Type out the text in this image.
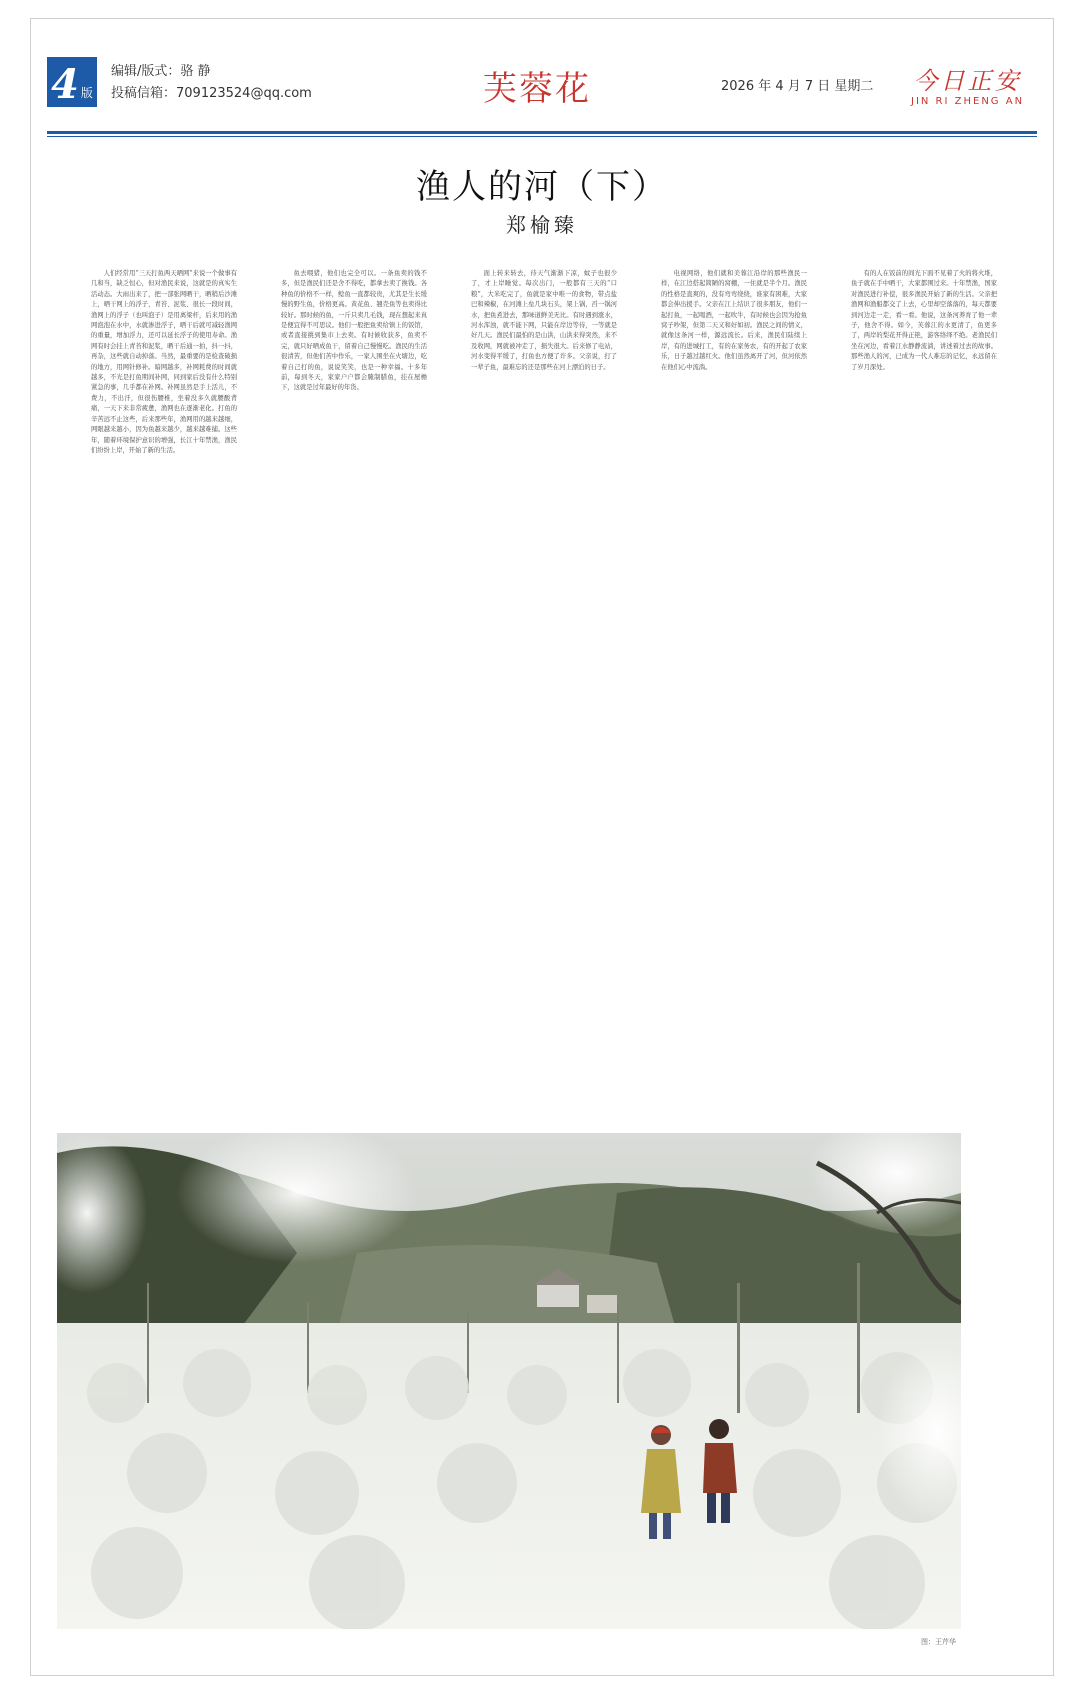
4 版
编辑/版式：骆 静
投稿信箱：709123524@qq.com	芙蓉花	2026 年 4 月 7 日 星期二 今日正安
JIN RI ZHENG AN
渔人的河（下）
郑榆臻

人们经常用“三天打鱼两天晒网”来说一个做事有几和当，缺乏恒心，但对渔民来说，这就是的真实生活动态。大雨出来了，把一部张网晒干，晒稍后沙滩上，晒干网上的浮子，青苔、泥浆、很长一段时间，渔网上的浮子（也叫泡子）是用离梁杆，后来用的渔网泡泡在水中，水就渗进浮子，晒干后就可减轻渔网的重量，增加浮力，还可以延长浮子的使用寿命。渔网有时会挂上青苔和泥浆，晒干后通一拍，抖一抖，再杂，这些就自动掉落。当然，最重要的是检查破损的地方，用网针修补。暗网越多，补网耗费的时间就越多，不光是打鱼期间补网，同到家后没有什么特别紧急的事，几乎都在补网。补网虽然是手上活儿，不费力，不出汗，但很伤腰椎，坐着没多久就腰酸背痛，一天下来非常疲惫，渔网也在逐渐老化。打鱼的辛苦远不止这些，后来那些年，渔网用的越来越细，网眼越来越小，因为鱼越来越少，越来越难捕。这些年，随着环境保护意识的增强，长江十年禁渔，渔民们纷纷上岸，开始了新的生活。

鱼去喂猪，他们也完全可以。一条鱼卖的钱不多，但是渔民们还是舍不得吃，都拿去卖了换钱。各种鱼的价格不一样，鲶鱼一直都较贵，尤其是生长缓慢的野生鱼，价格更高。黄花鱼、翘壳鱼等也卖得比较好。那时候的鱼，一斤只卖几毛钱，现在想起来真是便宜得不可思议。他们一般把鱼卖给镇上的饭馆，或者直接挑到集市上去卖。有时候收获多，鱼卖不完，就只好晒成鱼干，留着自己慢慢吃。渔民的生活很清苦，但他们苦中作乐，一家人围坐在火塘边，吃着自己打的鱼，说说笑笑，也是一种幸福。十多年前，每到冬天，家家户户都会腌制腊鱼，挂在屋檐下，这就是过年最好的年货。

面上转来转去，待天气渐渐下凉，蚊子也很少了，才上岸睡觉。每次出门，一般都有三天的“口粮”，大米吃完了，鱼就是家中唯一的食物，带点盐巴和辣椒，在河滩上垒几块石头，架上锅，舀一锅河水，把鱼煮进去，那味道鲜美无比。有时遇到涨水，河水浑浊，就不能下网，只能在岸边等待，一等就是好几天。渔民们最怕的是山洪，山洪来得突然，来不及收网，网就被冲走了，损失很大。后来修了电站，河水变得平缓了，打鱼也方便了许多。父亲说，打了一辈子鱼，最难忘的还是那些在河上漂泊的日子。

电视网络，他们就和美蓉江沿岸的那些渔民一样，在江边搭起简陋的窝棚，一住就是半个月。渔民的性格是直爽的，没有弯弯绕绕，谁家有困难，大家都会伸出援手。父亲在江上结识了很多朋友，他们一起打鱼，一起喝酒，一起吹牛，有时候也会因为抢鱼窝子吵架，但第二天又和好如初。渔民之间的情义，就像这条河一样，源远流长。后来，渔民们陆续上岸，有的进城打工，有的在家务农，有的开起了农家乐，日子越过越红火。他们虽然离开了河，但河依然在他们心中流淌。

有的人在饭前的间光下面不见着了火的将火堆，鱼子就在手中晒干，大家都围过来。十年禁渔，国家对渔民进行补偿，很多渔民开始了新的生活。父亲把渔网和渔船都交了上去，心里却空落落的，每天都要到河边走一走，看一看。他说，这条河养育了他一辈子，他舍不得。如今，芙蓉江的水更清了，鱼更多了，两岸的梨花开得正艳，游客络绎不绝。老渔民们坐在河边，看着江水静静流淌，讲述着过去的故事。那些渔人的河，已成为一代人难忘的记忆，永远留在了岁月深处。

图：王芹华
